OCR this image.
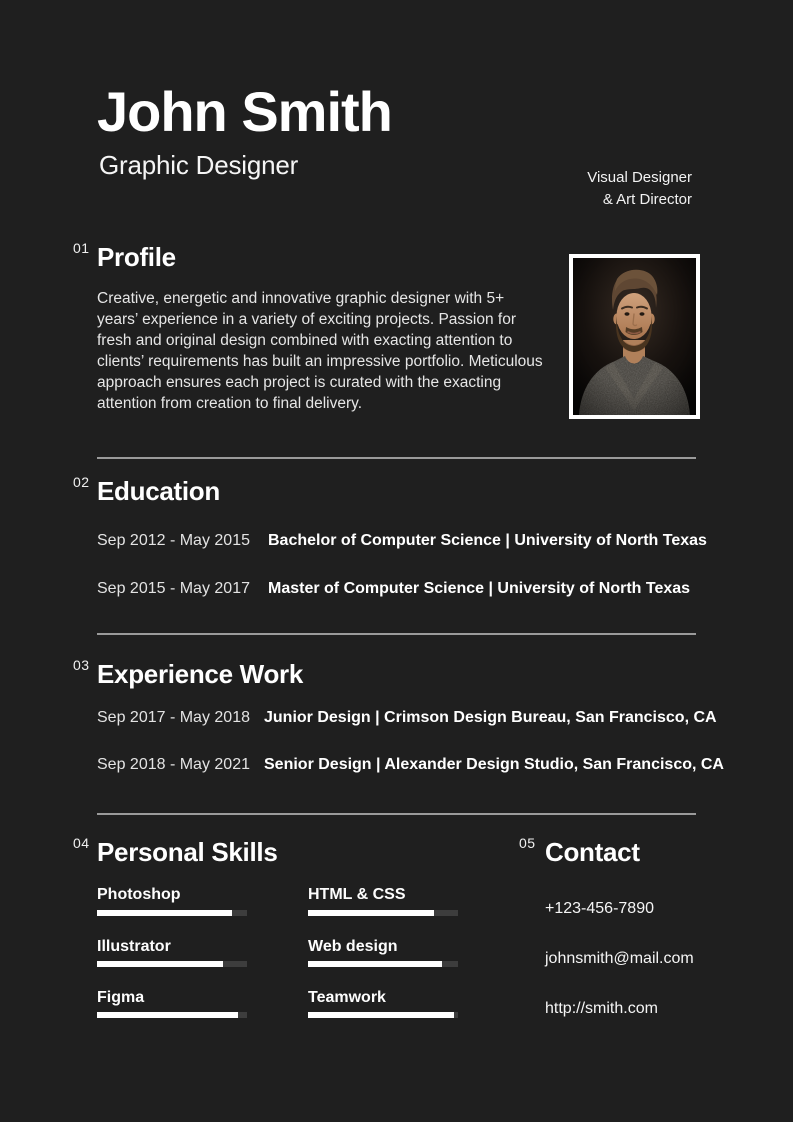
John Smith
Graphic Designer	Visual Designer
& Art Director
01 Profile
Creative, energetic and innovative graphic designer with 5+ years’ experience in a variety of exciting projects. Passion for fresh and original design combined with exacting attention to clients’ requirements has built an impressive portfolio. Meticulous approach ensures each project is curated with the exacting attention from creation to final delivery.
02 Education
Sep 2012 - May 2015	Bachelor of Computer Science | University of North Texas
Sep 2015 - May 2017	Master of Computer Science | University of North Texas
03 Experience Work
Sep 2017 - May 2018 Junior Design | Crimson Design Bureau, San Francisco, CA
Sep 2018 - May 2021 Senior Design | Alexander Design Studio, San Francisco, CA
04 Personal Skills
Photoshop
Illustrator
Figma
HTML & CSS
Web design
Teamwork
05 Contact
+123-456-7890
johnsmith@mail.com
http://smith.com
